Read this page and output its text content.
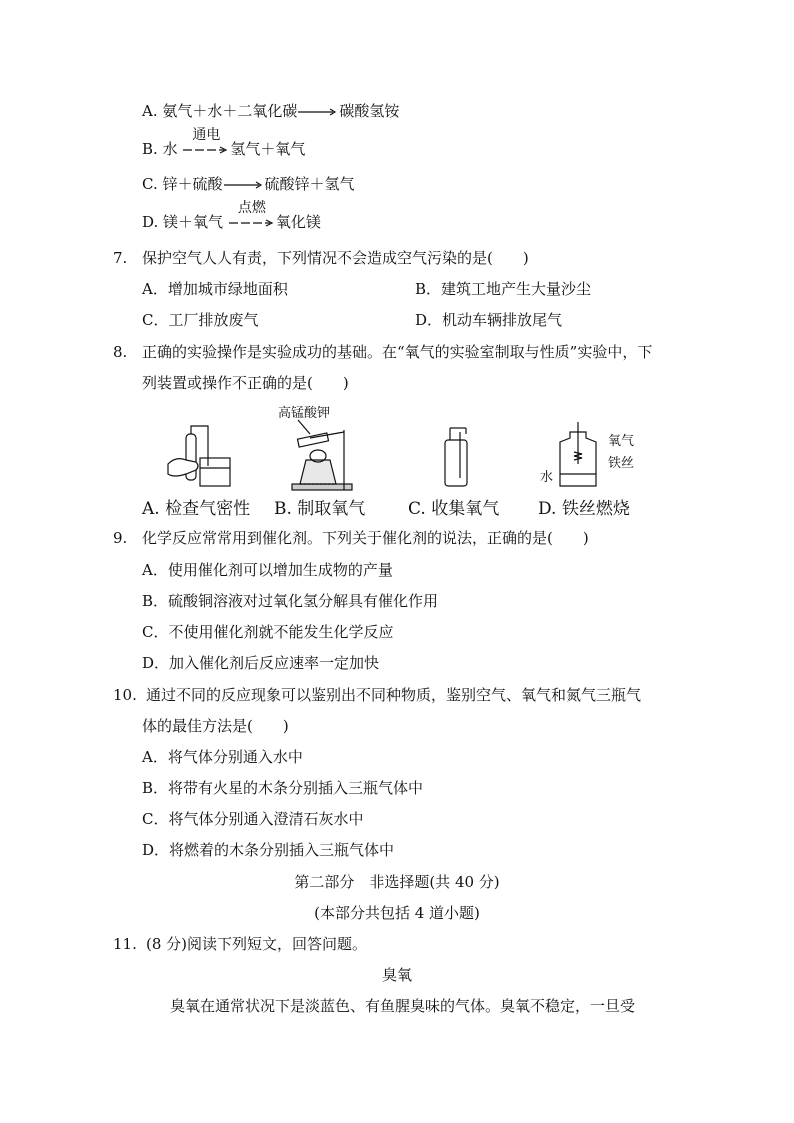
A. 氨气＋水＋二氧化碳→碳酸氢铵
B. 水
通电
氢气＋氧气
C. 锌＋硫酸→硫酸锌＋氢气
D. 镁＋氧气
点燃
氧化镁
7. 保护空气人人有责，下列情况不会造成空气污染的是(　　)
A．增加城市绿地面积	B．建筑工地产生大量沙尘
C．工厂排放废气	D．机动车辆排放尾气
8. 正确的实验操作是实验成功的基础。在“氧气的实验室制取与性质”实验中，下
列装置或操作不正确的是(　　)
高锰酸钾
氧气
铁丝
水
A. 检查气密性 B. 制取氧气	C. 收集氧气 D. 铁丝燃烧
9. 化学反应常常用到催化剂。下列关于催化剂的说法，正确的是(　　)
A．使用催化剂可以增加生成物的产量
B．硫酸铜溶液对过氧化氢分解具有催化作用
C．不使用催化剂就不能发生化学反应
D．加入催化剂后反应速率一定加快
10. 通过不同的反应现象可以鉴别出不同种物质，鉴别空气、氧气和氮气三瓶气
体的最佳方法是(　　)
A．将气体分别通入水中
B．将带有火星的木条分别插入三瓶气体中
C．将气体分别通入澄清石灰水中
D．将燃着的木条分别插入三瓶气体中
第二部分　非选择题(共 40 分)
(本部分共包括 4 道小题)
11. (8 分)阅读下列短文，回答问题。
臭氧
臭氧在通常状况下是淡蓝色、有鱼腥臭味的气体。臭氧不稳定，一旦受
